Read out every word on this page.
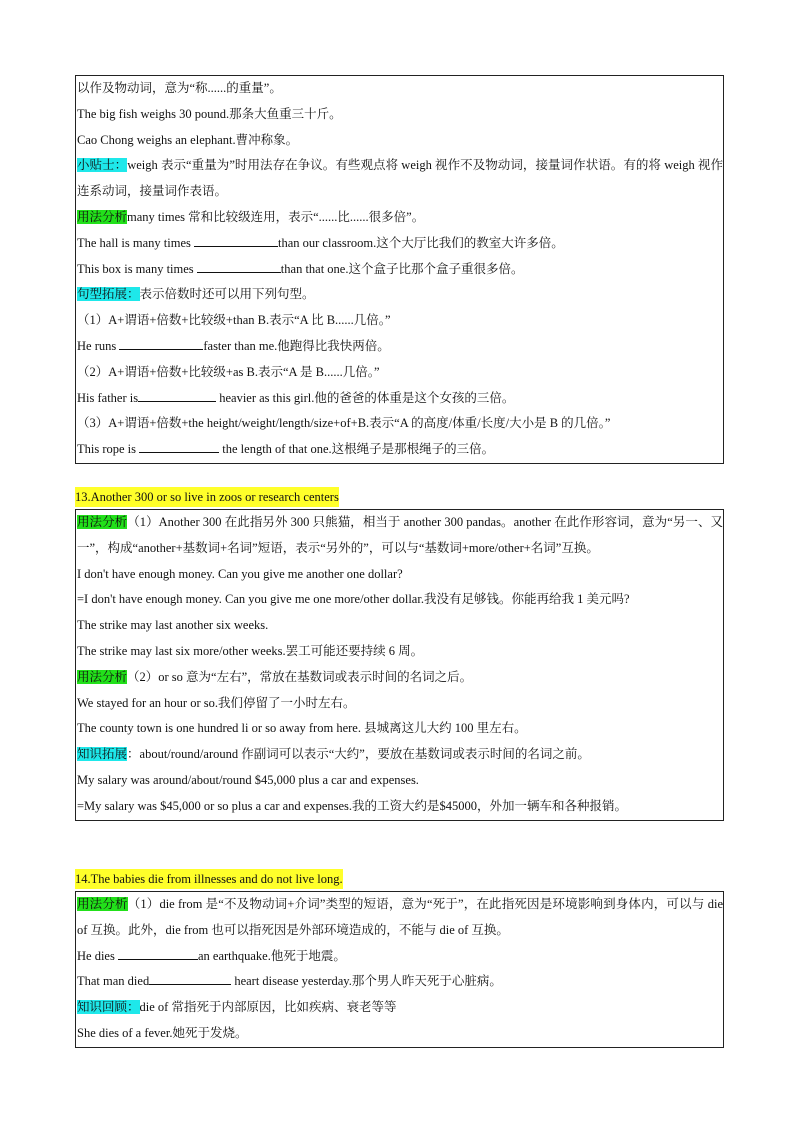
以作及物动词，意为“称......的重量”。
The big fish weighs 30 pound.那条大鱼重三十斤。
Cao Chong weighs an elephant.曹冲称象。
小贴士：weigh 表示“重量为”时用法存在争议。有些观点将 weigh 视作不及物动词，接量词作状语。有的将 weigh 视作连系动词，接量词作表语。
用法分析many times 常和比较级连用，表示“......比......很多倍”。
The hall is many times	than our classroom.这个大厅比我们的教室大许多倍。
This box is many times	than that one.这个盒子比那个盒子重很多倍。
句型拓展：表示倍数时还可以用下列句型。
（1）A+谓语+倍数+比较级+than B.表示“A 比 B......几倍。”
He runs	faster than me.他跑得比我快两倍。
（2）A+谓语+倍数+比较级+as B.表示“A 是 B......几倍。”
His father is	heavier as this girl.他的爸爸的体重是这个女孩的三倍。
（3）A+谓语+倍数+the height/weight/length/size+of+B.表示“A 的高度/体重/长度/大小是 B 的几倍。”
This rope is	the length of that one.这根绳子是那根绳子的三倍。
13.Another 300 or so live in zoos or research centers
用法分析（1）Another 300 在此指另外 300 只熊猫，相当于 another 300 pandas。another 在此作形容词，意为“另一、又一”，构成“another+基数词+名词”短语，表示“另外的”，可以与“基数词+more/other+名词”互换。
I don't have enough money. Can you give me another one dollar?
=I don't have enough money. Can you give me one more/other dollar.我没有足够钱。你能再给我 1 美元吗?
The strike may last another six weeks.
The strike may last six more/other weeks.罢工可能还要持续 6 周。
用法分析（2）or so 意为“左右”，常放在基数词或表示时间的名词之后。
We stayed for an hour or so.我们停留了一小时左右。
The county town is one hundred li or so away from here. 县城离这儿大约 100 里左右。
知识拓展：about/round/around 作副词可以表示“大约”，要放在基数词或表示时间的名词之前。
My salary was around/about/round $45,000 plus a car and expenses.
=My salary was $45,000 or so plus a car and expenses.我的工资大约是$45000，外加一辆车和各种报销。
14.The babies die from illnesses and do not live long.
用法分析（1）die from 是“不及物动词+介词”类型的短语，意为“死于”，在此指死因是环境影响到身体内，可以与 die of 互换。此外，die from 也可以指死因是外部环境造成的，不能与 die of 互换。
He dies	an earthquake.他死于地震。
That man died	heart disease yesterday.那个男人昨天死于心脏病。
知识回顾：die of 常指死于内部原因，比如疾病、衰老等等
She dies of a fever.她死于发烧。
